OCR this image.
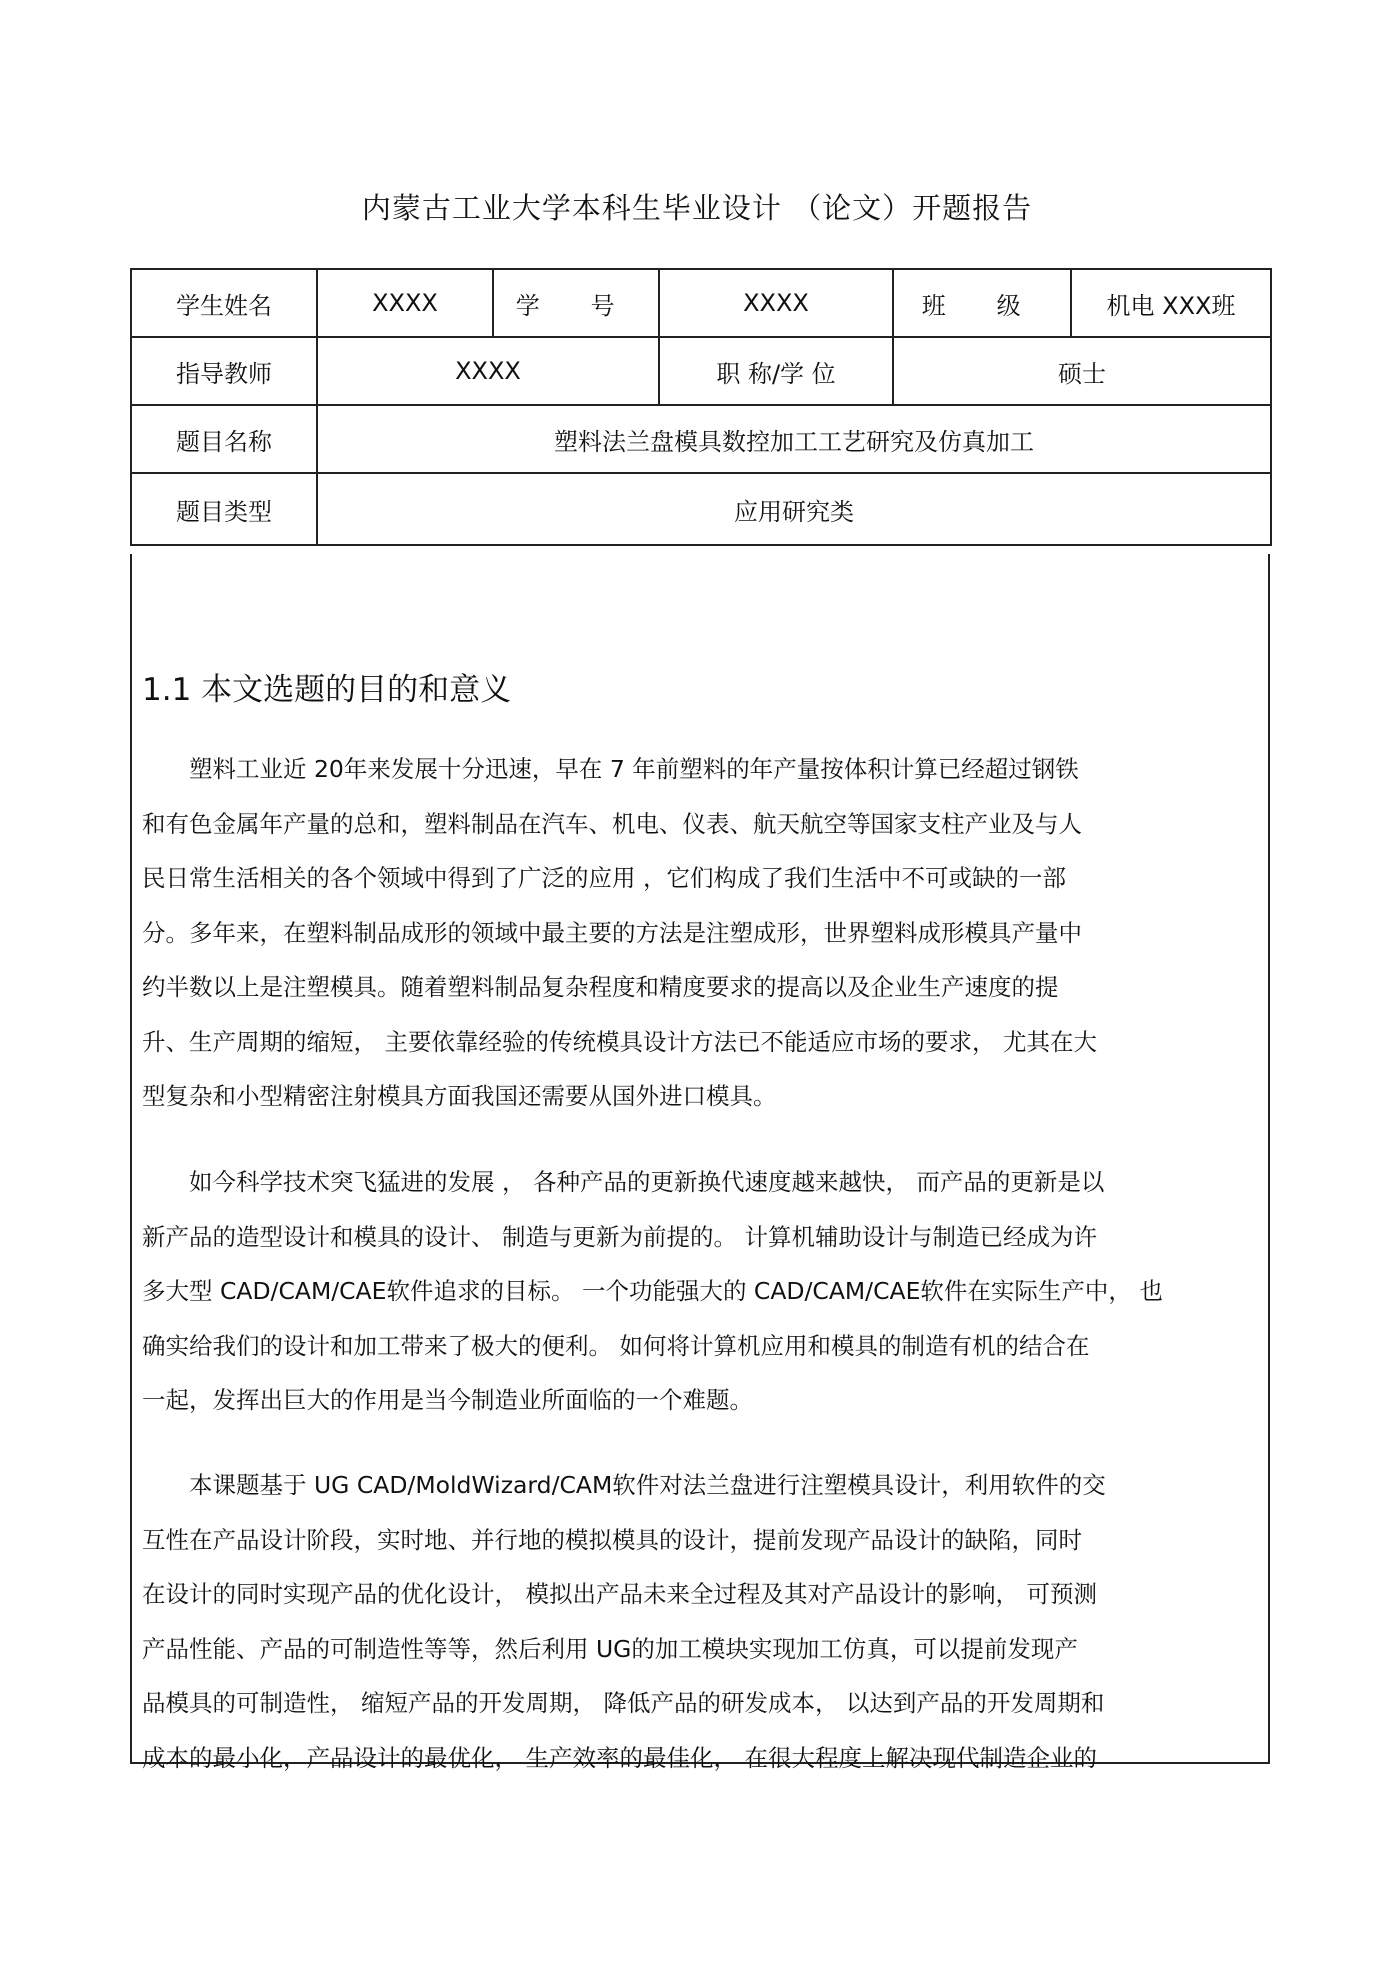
内蒙古工业大学本科生毕业设计 （论文）开题报告
学生姓名	XXXX	学 号	XXXX	班 级	机电 XXX班
指导教师	XXXX		职 称/学 位	硕士	
题目名称	塑料法兰盘模具数控加工工艺研究及仿真加工				
题目类型	应用研究类				
1.1 本文选题的目的和意义
　　塑料工业近 20年来发展十分迅速，早在 7 年前塑料的年产量按体积计算已经超过钢铁
和有色金属年产量的总和，塑料制品在汽车、机电、仪表、航天航空等国家支柱产业及与人
民日常生活相关的各个领域中得到了广泛的应用 ，它们构成了我们生活中不可或缺的一部
分。多年来，在塑料制品成形的领域中最主要的方法是注塑成形，世界塑料成形模具产量中
约半数以上是注塑模具。随着塑料制品复杂程度和精度要求的提高以及企业生产速度的提
升、生产周期的缩短， 主要依靠经验的传统模具设计方法已不能适应市场的要求， 尤其在大
型复杂和小型精密注射模具方面我国还需要从国外进口模具。
　　如今科学技术突飞猛进的发展 ， 各种产品的更新换代速度越来越快， 而产品的更新是以
新产品的造型设计和模具的设计、 制造与更新为前提的。 计算机辅助设计与制造已经成为许
多大型 CAD/CAM/CAE软件追求的目标。 一个功能强大的 CAD/CAM/CAE软件在实际生产中， 也
确实给我们的设计和加工带来了极大的便利。 如何将计算机应用和模具的制造有机的结合在
一起，发挥出巨大的作用是当今制造业所面临的一个难题。
　　本课题基于 UG CAD/MoldWizard/CAM软件对法兰盘进行注塑模具设计，利用软件的交
互性在产品设计阶段，实时地、并行地的模拟模具的设计，提前发现产品设计的缺陷，同时
在设计的同时实现产品的优化设计， 模拟出产品未来全过程及其对产品设计的影响， 可预测
产品性能、产品的可制造性等等，然后利用 UG的加工模块实现加工仿真，可以提前发现产
品模具的可制造性， 缩短产品的开发周期， 降低产品的研发成本， 以达到产品的开发周期和
成本的最小化，产品设计的最优化， 生产效率的最佳化， 在很大程度上解决现代制造企业的
